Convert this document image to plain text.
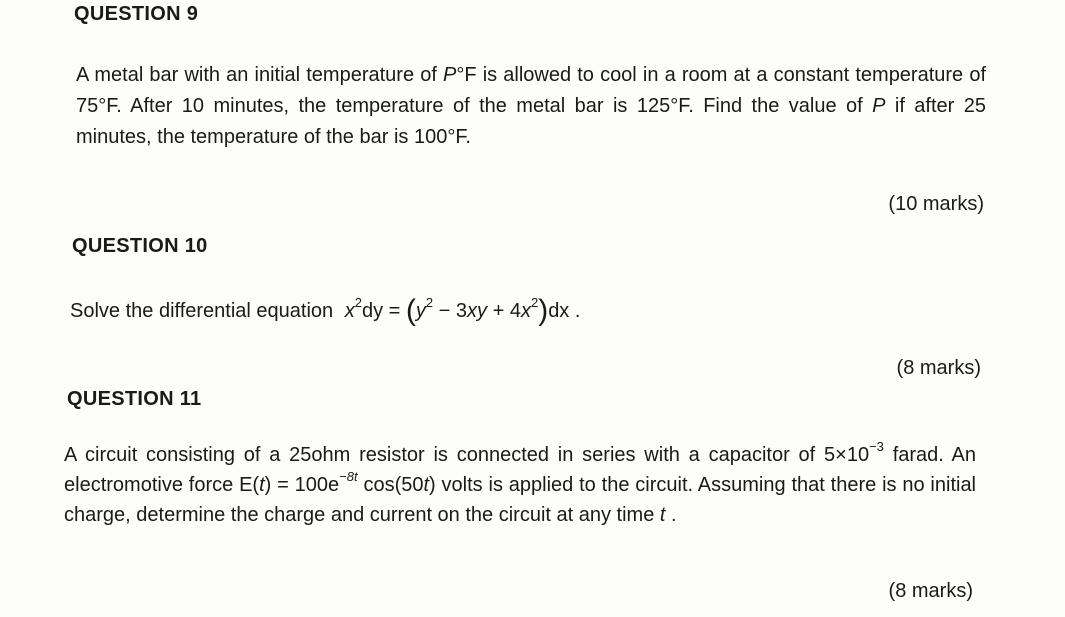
QUESTION 9

A metal bar with an initial temperature of P°F is allowed to cool in a room at a constant temperature of 75°F. After 10 minutes, the temperature of the metal bar is 125°F. Find the value of P if after 25 minutes, the temperature of the bar is 100°F.

(10 marks)

QUESTION 10

Solve the differential equation $x^2dy = (y^2 - 3xy + 4x^2)dx$ .

(8 marks)

QUESTION 11

A circuit consisting of a 25ohm resistor is connected in series with a capacitor of $5\times 10^{-3}$ farad. An electromotive force $E(t) = 100e^{-8t}$ cos(50t) volts is applied to the circuit. Assuming that there is no initial charge, determine the charge and current on the circuit at any time t .

(8 marks)
